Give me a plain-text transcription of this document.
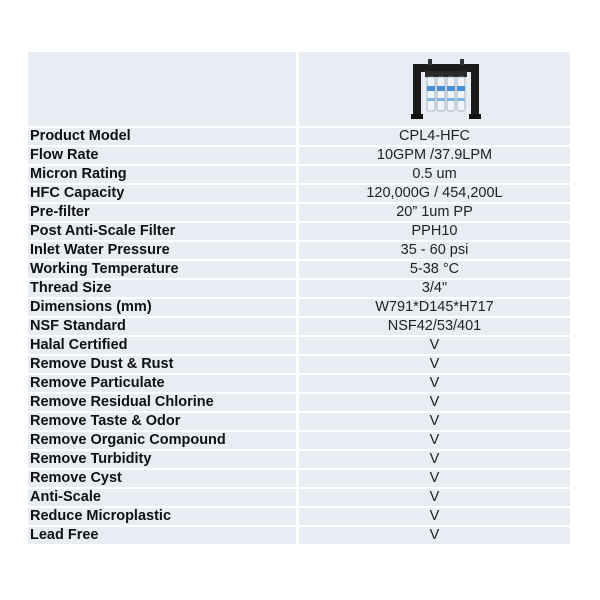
Product Model	CPL4-HFC
Flow Rate	10GPM /37.9LPM
Micron Rating	0.5 um
HFC Capacity	120,000G / 454,200L
Pre-filter	20” 1um PP
Post Anti-Scale Filter	PPH10
Inlet Water Pressure	35 - 60 psi
Working Temperature	5-38 °C
Thread Size	3/4"
Dimensions (mm)	W791*D145*H717
NSF Standard	NSF42/53/401
Halal Certified	V
Remove Dust & Rust	V
Remove Particulate	V
Remove Residual Chlorine	V
Remove Taste & Odor	V
Remove Organic Compound	V
Remove Turbidity	V
Remove Cyst	V
Anti-Scale	V
Reduce Microplastic	V
Lead Free	V
